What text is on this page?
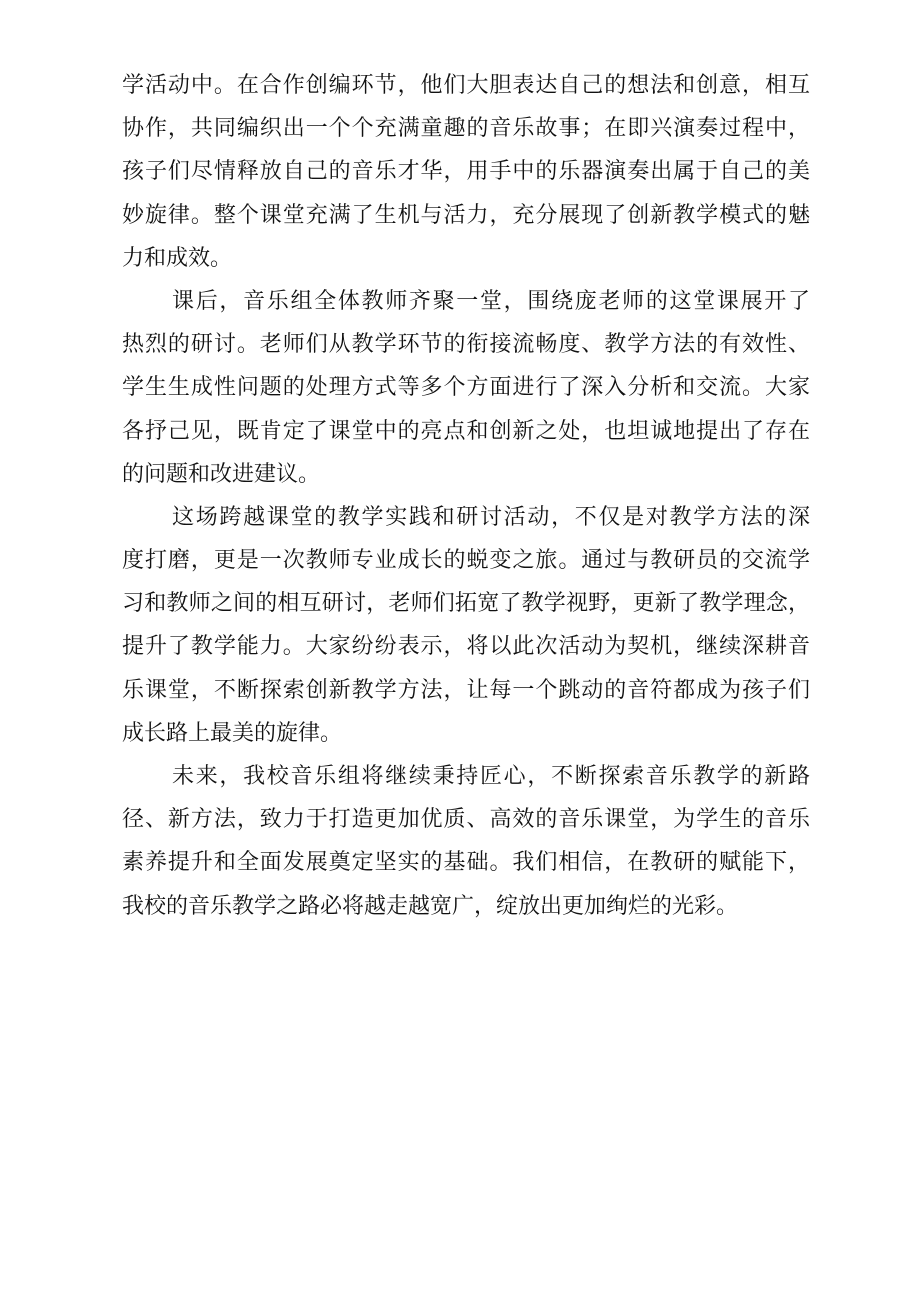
学活动中。在合作创编环节，他们大胆表达自己的想法和创意，相互
协作，共同编织出一个个充满童趣的音乐故事；在即兴演奏过程中，
孩子们尽情释放自己的音乐才华，用手中的乐器演奏出属于自己的美
妙旋律。整个课堂充满了生机与活力，充分展现了创新教学模式的魅
力和成效。
课后，音乐组全体教师齐聚一堂，围绕庞老师的这堂课展开了
热烈的研讨。老师们从教学环节的衔接流畅度、教学方法的有效性、
学生生成性问题的处理方式等多个方面进行了深入分析和交流。大家
各抒己见，既肯定了课堂中的亮点和创新之处，也坦诚地提出了存在
的问题和改进建议。
这场跨越课堂的教学实践和研讨活动，不仅是对教学方法的深
度打磨，更是一次教师专业成长的蜕变之旅。通过与教研员的交流学
习和教师之间的相互研讨，老师们拓宽了教学视野，更新了教学理念，
提升了教学能力。大家纷纷表示，将以此次活动为契机，继续深耕音
乐课堂，不断探索创新教学方法，让每一个跳动的音符都成为孩子们
成长路上最美的旋律。
未来，我校音乐组将继续秉持匠心，不断探索音乐教学的新路
径、新方法，致力于打造更加优质、高效的音乐课堂，为学生的音乐
素养提升和全面发展奠定坚实的基础。我们相信，在教研的赋能下，
我校的音乐教学之路必将越走越宽广，绽放出更加绚烂的光彩。
